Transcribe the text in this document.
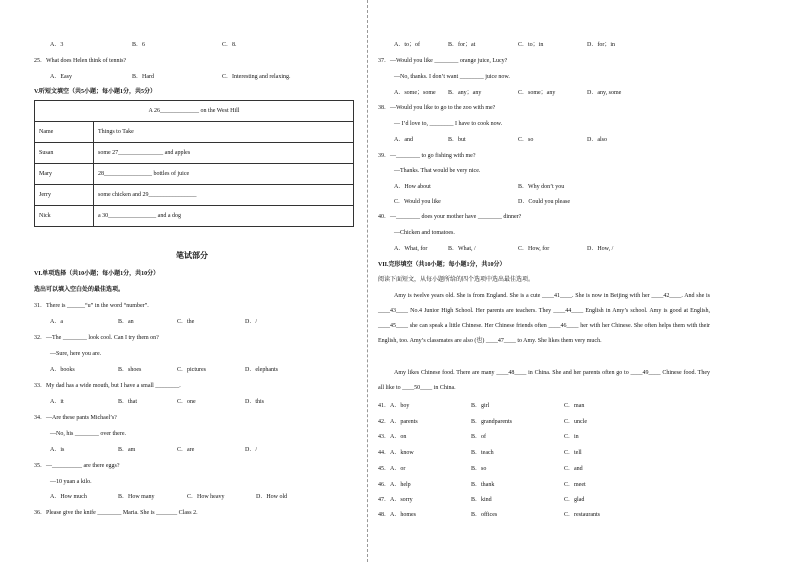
A．3	B．6	C．8.
25．What does Helen think of tennis?
A．Easy	B．Hard	C．Interesting and relaxing.
V.听短文填空（共5小题；每小题1分，共5分）
A 26_____________ on the West Hill	
Name	Things to Take
Susan	some 27_______________ and apples
Mary	28________________ bottles of juice
Jerry	some chicken and 29________________
Nick	a 30________________ and a dog
笔试部分
VI.单项选择（共10小题；每小题1分，共10分）
选出可以填入空白处的最佳选项。
31．There is ______“u” in the word “number”.
A．a	B．an	C．the	D．/
32．—The ________ look cool. Can I try them on?
—Sure, here you are.
A．books	B．shoes	C．pictures	D．elephants
33．My dad has a wide mouth, but I have a small ________.
A．it	B．that	C．one	D．this
34．—Are these pants Michael’s?
—No, his ________ over there.
A．is	B．am	C．are	D．/
35．—__________ are there eggs?
—10 yuan a kilo.
A．How much	B．How many	C．How heavy	D．How old
36．Please give the knife ________ Maria. She is _______ Class 2.
A．to；of	B．for；at	C．to；in	D．for；in
37．—Would you like ________ orange juice, Lucy?
—No, thanks. I don’t want ________ juice now.
A．some；some B．any；any	C．some；any	D．any, some
38．—Would you like to go to the zoo with me?
— I’d love to, ________ I have to cook now.
A．and	B．but	C．so	D．also
39．—________ to go fishing with me?
—Thanks. That would be very nice.
A．How about	B．Why don’t you
C．Would you like	D．Could you please
40．—________ does your mother have ________ dinner?
—Chicken and tomatoes.
A．What, for	B．What, /	C．How, for	D．How, /
VII.完形填空（共10小题；每小题1分，共10分）
阅读下面短文，从每小题所给的四个选项中选出最佳选项。
Amy is twelve years old. She is from England. She is a cute ____41____. She is now in Beijing with her ____42____. And she is ____43____ No.4 Junior High School. Her parents are teachers. They ____44____ English in Amy’s school. Amy is good at English, ____45____ she can speak a little Chinese. Her Chinese friends often ____46____ her with her Chinese. She often helps them with their English, too. Amy’s classmates are also (也) ____47____ to Amy. She likes them very much.
Amy likes Chinese food. There are many ____48____ in China. She and her parents often go to ____49____ Chinese food. They all like to ____50____ in China.
41．A．boy	B．girl	C．man
42．A．parents	B．grandparents	C．uncle
43．A．on	B．of	C．in
44．A．know	B．teach	C．tell
45．A．or	B．so	C．and
46．A．help	B．thank	C．meet
47．A．sorry	B．kind	C．glad
48．A．homes	B．offices	C．restaurants
